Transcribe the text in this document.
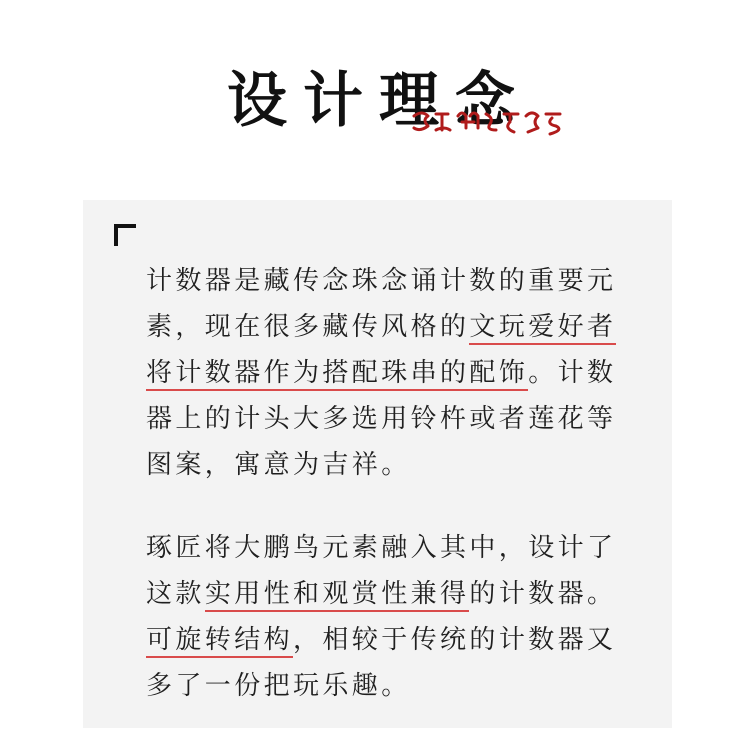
设计理念

计数器是藏传念珠念诵计数的重要元素，现在很多藏传风格的文玩爱好者将计数器作为搭配珠串的配饰。计数器上的计头大多选用铃杵或者莲花等图案，寓意为吉祥。

琢匠将大鹏鸟元素融入其中，设计了这款实用性和观赏性兼得的计数器。可旋转结构，相较于传统的计数器又多了一份把玩乐趣。
